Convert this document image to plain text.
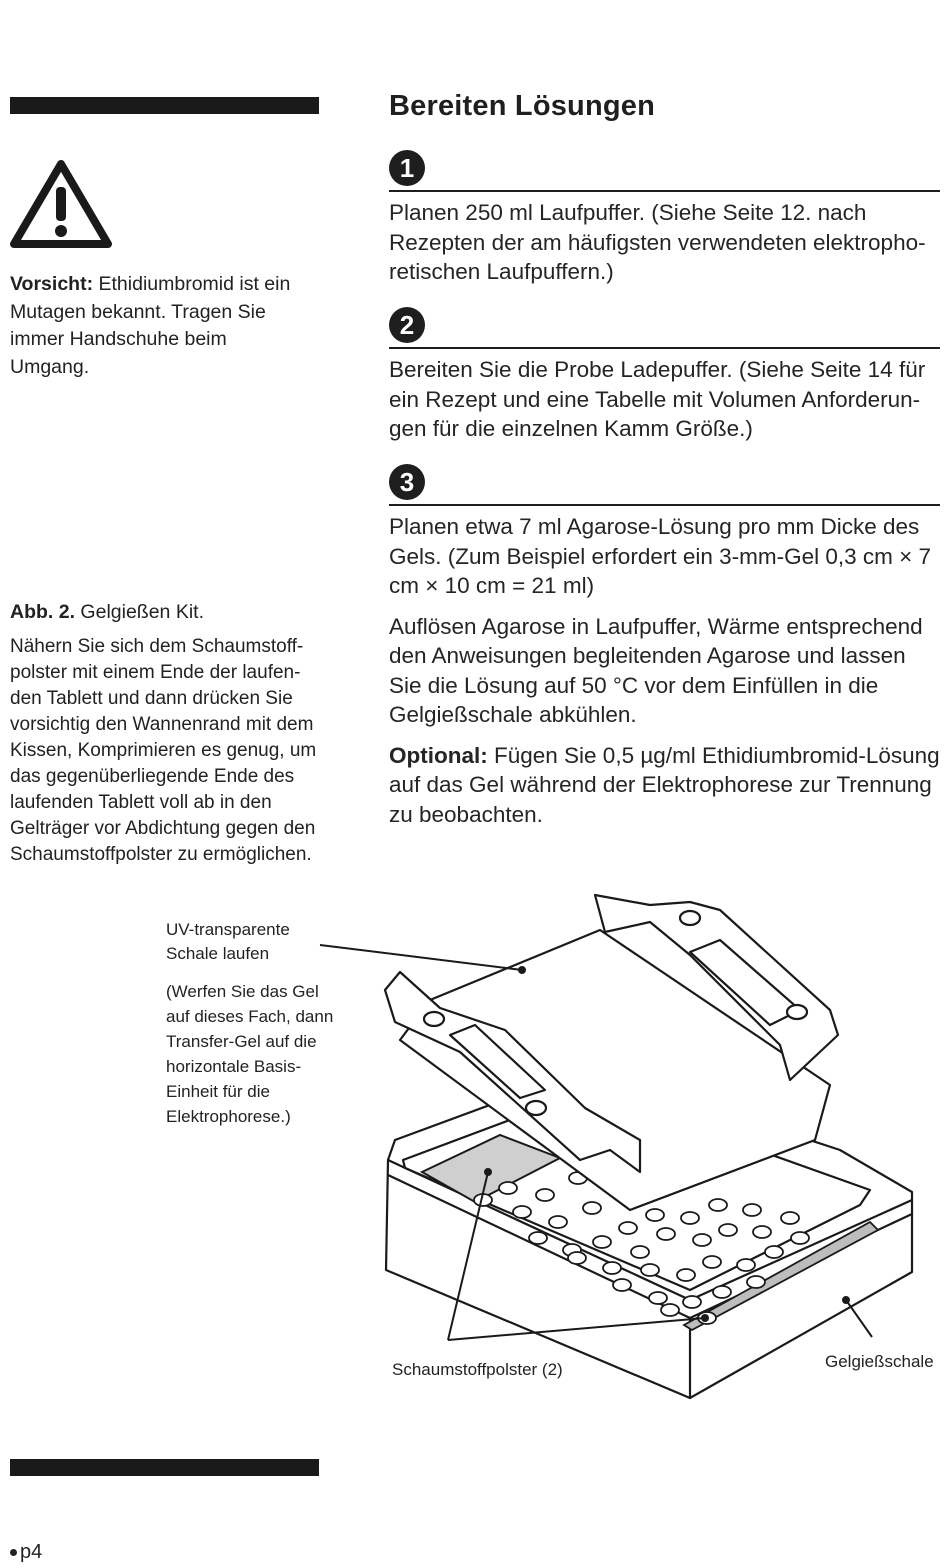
Vorsicht: Ethidiumbromid ist ein Mutagen bekannt. Tragen Sie immer Handschuhe beim Umgang.
Abb. 2. Gelgießen Kit.
Nähern Sie sich dem Schaumstoff-polster mit einem Ende der laufen-den Tablett und dann drücken Sie vorsichtig den Wannenrand mit dem Kissen, Komprimieren es genug, um das gegenüberliegende Ende des laufenden Tablett voll ab in den Gelträger vor Abdichtung gegen den Schaumstoffpolster zu ermöglichen.
Bereiten Lösungen
1

Planen 250 ml Laufpuffer. (Siehe Seite 12. nach Rezepten der am häufigsten verwendeten elektropho-retischen Laufpuffern.)

2

Bereiten Sie die Probe Ladepuffer. (Siehe Seite 14 für ein Rezept und eine Tabelle mit Volumen Anforderun-gen für die einzelnen Kamm Größe.)

3

Planen etwa 7 ml Agarose-Lösung pro mm Dicke des Gels. (Zum Beispiel erfordert ein 3-mm-Gel 0,3 cm × 7 cm × 10 cm = 21 ml)

Auflösen Agarose in Laufpuffer, Wärme entsprechend den Anweisungen begleitenden Agarose und lassen Sie die Lösung auf 50 °C vor dem Einfüllen in die Gelgießschale abkühlen.

Optional: Fügen Sie 0,5 µg/ml Ethidiumbromid-Lösung auf das Gel während der Elektrophorese zur Trennung zu beobachten.

UV-transparente Schale laufen
(Werfen Sie das Gel auf dieses Fach, dann Transfer-Gel auf die horizontale Basis-Einheit für die Elektrophorese.)
Schaumstoffpolster (2)	Gelgießschale
p4
